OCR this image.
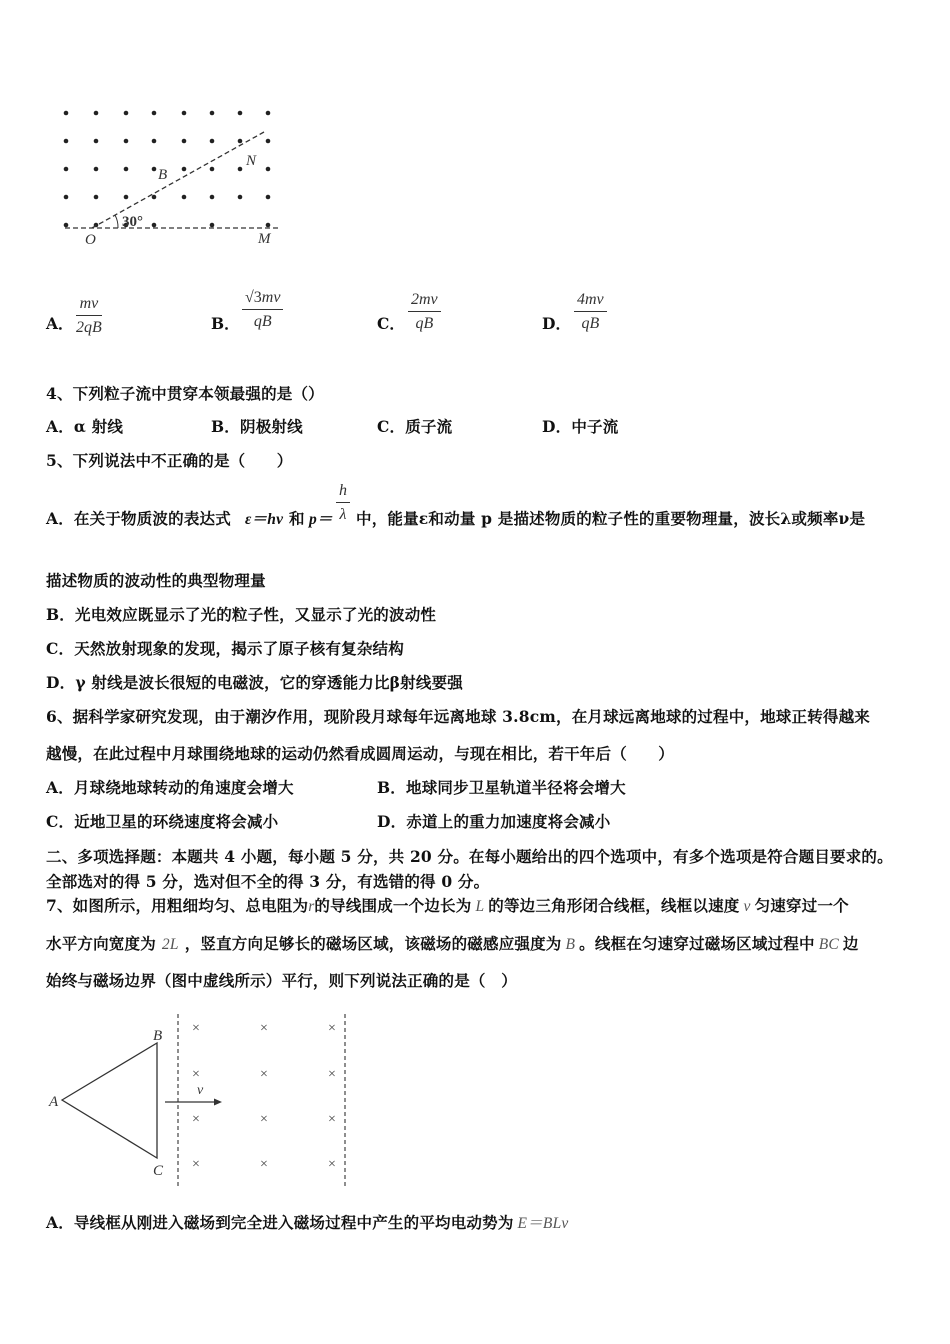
B
N
O	M
30°
A．
mv
2qB	B．
√3mv
qB	C．
2mv
qB	D．
4mv
qB
4、下列粒子流中贯穿本领最强的是（）
A．α 射线	B．阴极射线	C．质子流	D．中子流
5、下列说法中不正确的是（　　）
A．在关于物质波的表达式 ε＝hν 和 p＝
h
λ 中，能量ε和动量 p 是描述物质的粒子性的重要物理量，波长λ或频率ν是
描述物质的波动性的典型物理量
B．光电效应既显示了光的粒子性，又显示了光的波动性
C．天然放射现象的发现，揭示了原子核有复杂结构
D．γ 射线是波长很短的电磁波，它的穿透能力比β射线要强
6、据科学家研究发现，由于潮汐作用，现阶段月球每年远离地球 3.8cm，在月球远离地球的过程中，地球正转得越来
越慢，在此过程中月球围绕地球的运动仍然看成圆周运动，与现在相比，若干年后（　　）
A．月球绕地球转动的角速度会增大	B．地球同步卫星轨道半径将会增大
C．近地卫星的环绕速度将会减小	D．赤道上的重力加速度将会减小
二、多项选择题：本题共 4 小题，每小题 5 分，共 20 分。在每小题给出的四个选项中，有多个选项是符合题目要求的。
全部选对的得 5 分，选对但不全的得 3 分，有选错的得 0 分。
7、如图所示，用粗细均匀、总电阻为r的导线围成一个边长为 L 的等边三角形闭合线框，线框以速度 v 匀速穿过一个
水平方向宽度为 2L ，竖直方向足够长的磁场区域，该磁场的磁感应强度为 B 。线框在匀速穿过磁场区域过程中 BC 边
始终与磁场边界（图中虚线所示）平行，则下列说法正确的是（　）
A
B
C
v
×	×	×
×	×	×
×	×	×
×	×	×
A．导线框从刚进入磁场到完全进入磁场过程中产生的平均电动势为 E＝BLv
